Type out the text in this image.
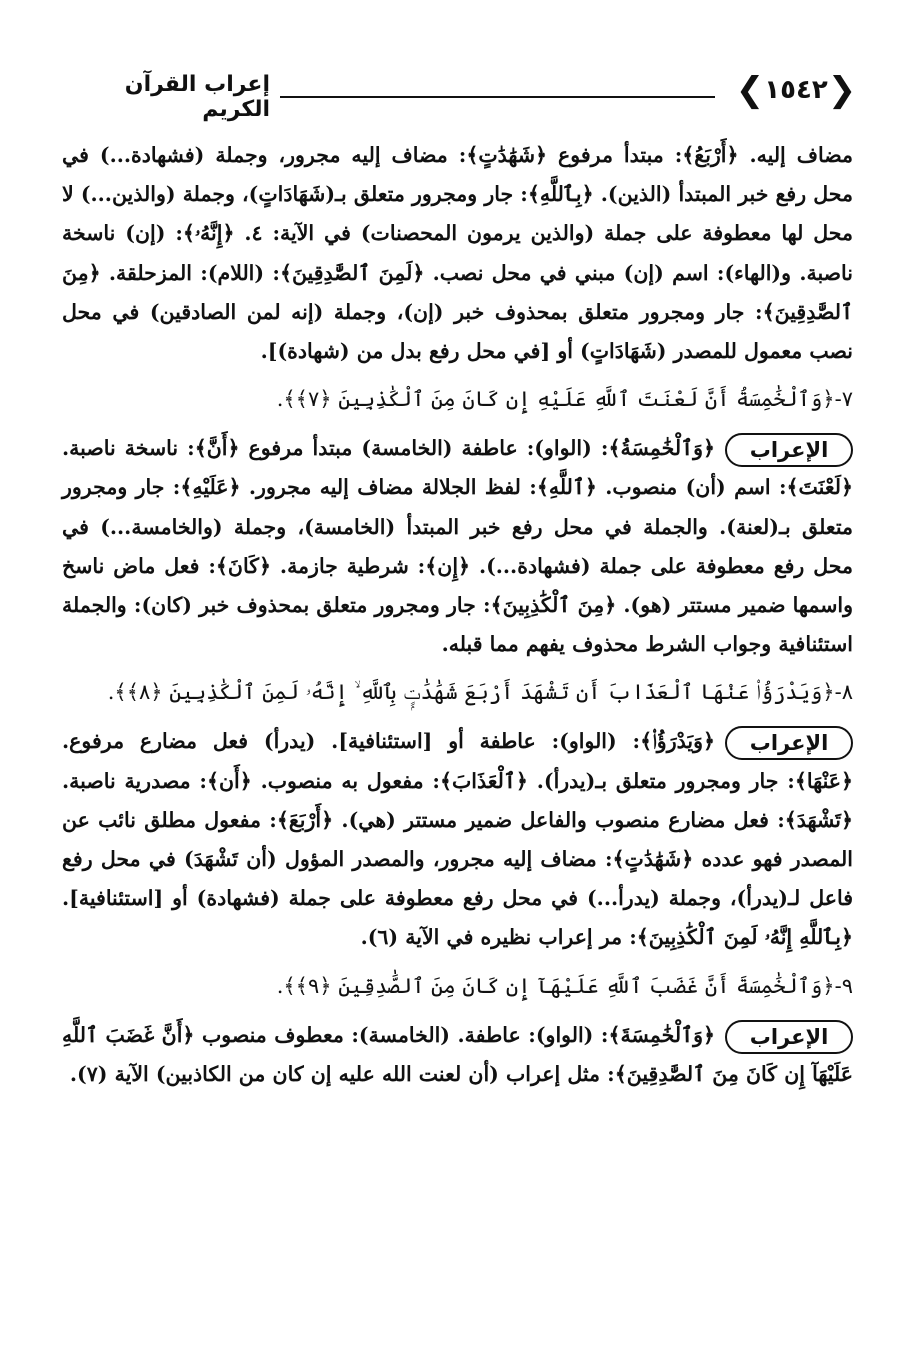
❮
١٥٤٢
❯
إعراب القرآن الكريم

مضاف إليه. ﴿أَرْبَعُ﴾: مبتدأ مرفوع ﴿شَهَٰدَٰتٍ﴾: مضاف إليه مجرور، وجملة (فشهادة...) في محل رفع خبر المبتدأ (الذين). ﴿بِٱللَّهِ﴾: جار ومجرور متعلق بـ(شَهَادَاتٍ)، وجملة (والذين...) لا محل لها معطوفة على جملة (والذين يرمون المحصنات) في الآية: ٤. ﴿إِنَّهُۥ﴾: (إن) ناسخة ناصبة. و(الهاء): اسم (إن) مبني في محل نصب. ﴿لَمِنَ ٱلصَّٰدِقِينَ﴾: (اللام): المزحلقة. ﴿مِنَ ٱلصَّٰدِقِينَ﴾: جار ومجرور متعلق بمحذوف خبر (إن)، وجملة (إنه لمن الصادقين) في محل نصب معمول للمصدر (شَهَادَاتٍ) أو [في محل رفع بدل من (شهادة)].

٧-﴿وَٱلْخَٰمِسَةُ أَنَّ لَعْنَتَ ٱللَّهِ عَلَيْهِ إِن كَانَ مِنَ ٱلْكَٰذِبِينَ ﴿٧﴾﴾.

الإعراب

﴿وَٱلْخَٰمِسَةُ﴾: (الواو): عاطفة (الخامسة) مبتدأ مرفوع ﴿أَنَّ﴾: ناسخة ناصبة. ﴿لَعْنَتَ﴾: اسم (أن) منصوب. ﴿ٱللَّهِ﴾: لفظ الجلالة مضاف إليه مجرور. ﴿عَلَيْهِ﴾: جار ومجرور متعلق بـ(لعنة). والجملة في محل رفع خبر المبتدأ (الخامسة)، وجملة (والخامسة...) في محل رفع معطوفة على جملة (فشهادة...). ﴿إِن﴾: شرطية جازمة. ﴿كَانَ﴾: فعل ماض ناسخ واسمها ضمير مستتر (هو). ﴿مِنَ ٱلْكَٰذِبِينَ﴾: جار ومجرور متعلق بمحذوف خبر (كان): والجملة استئنافية وجواب الشرط محذوف يفهم مما قبله.

٨-﴿وَيَدْرَؤُا۟ عَنْهَا ٱلْعَذَابَ أَن تَشْهَدَ أَرْبَعَ شَهَٰدَٰتٍۭ بِٱللَّهِ ۙ إِنَّهُۥ لَمِنَ ٱلْكَٰذِبِينَ ﴿٨﴾﴾.

الإعراب

﴿وَيَدْرَؤُا۟﴾: (الواو): عاطفة أو [استئنافية]. (يدرأ) فعل مضارع مرفوع. ﴿عَنْهَا﴾: جار ومجرور متعلق بـ(يدرأ). ﴿ٱلْعَذَابَ﴾: مفعول به منصوب. ﴿أَن﴾: مصدرية ناصبة. ﴿تَشْهَدَ﴾: فعل مضارع منصوب والفاعل ضمير مستتر (هي). ﴿أَرْبَعَ﴾: مفعول مطلق نائب عن المصدر فهو عدده ﴿شَهَٰدَٰتٍ﴾: مضاف إليه مجرور، والمصدر المؤول (أن تَشْهَدَ) في محل رفع فاعل لـ(يدرأ)، وجملة (يدرأ...) في محل رفع معطوفة على جملة (فشهادة) أو [استئنافية]. ﴿بِٱللَّهِ إِنَّهُۥ لَمِنَ ٱلْكَٰذِبِينَ﴾: مر إعراب نظيره في الآية (٦).

٩-﴿وَٱلْخَٰمِسَةَ أَنَّ غَضَبَ ٱللَّهِ عَلَيْهَآ إِن كَانَ مِنَ ٱلصَّٰدِقِينَ ﴿٩﴾﴾.

الإعراب

﴿وَٱلْخَٰمِسَةَ﴾: (الواو): عاطفة. (الخامسة): معطوف منصوب ﴿أَنَّ غَضَبَ ٱللَّهِ عَلَيْهَآ إِن كَانَ مِنَ ٱلصَّٰدِقِينَ﴾: مثل إعراب (أن لعنت الله عليه إن كان من الكاذبين) الآية (٧).
